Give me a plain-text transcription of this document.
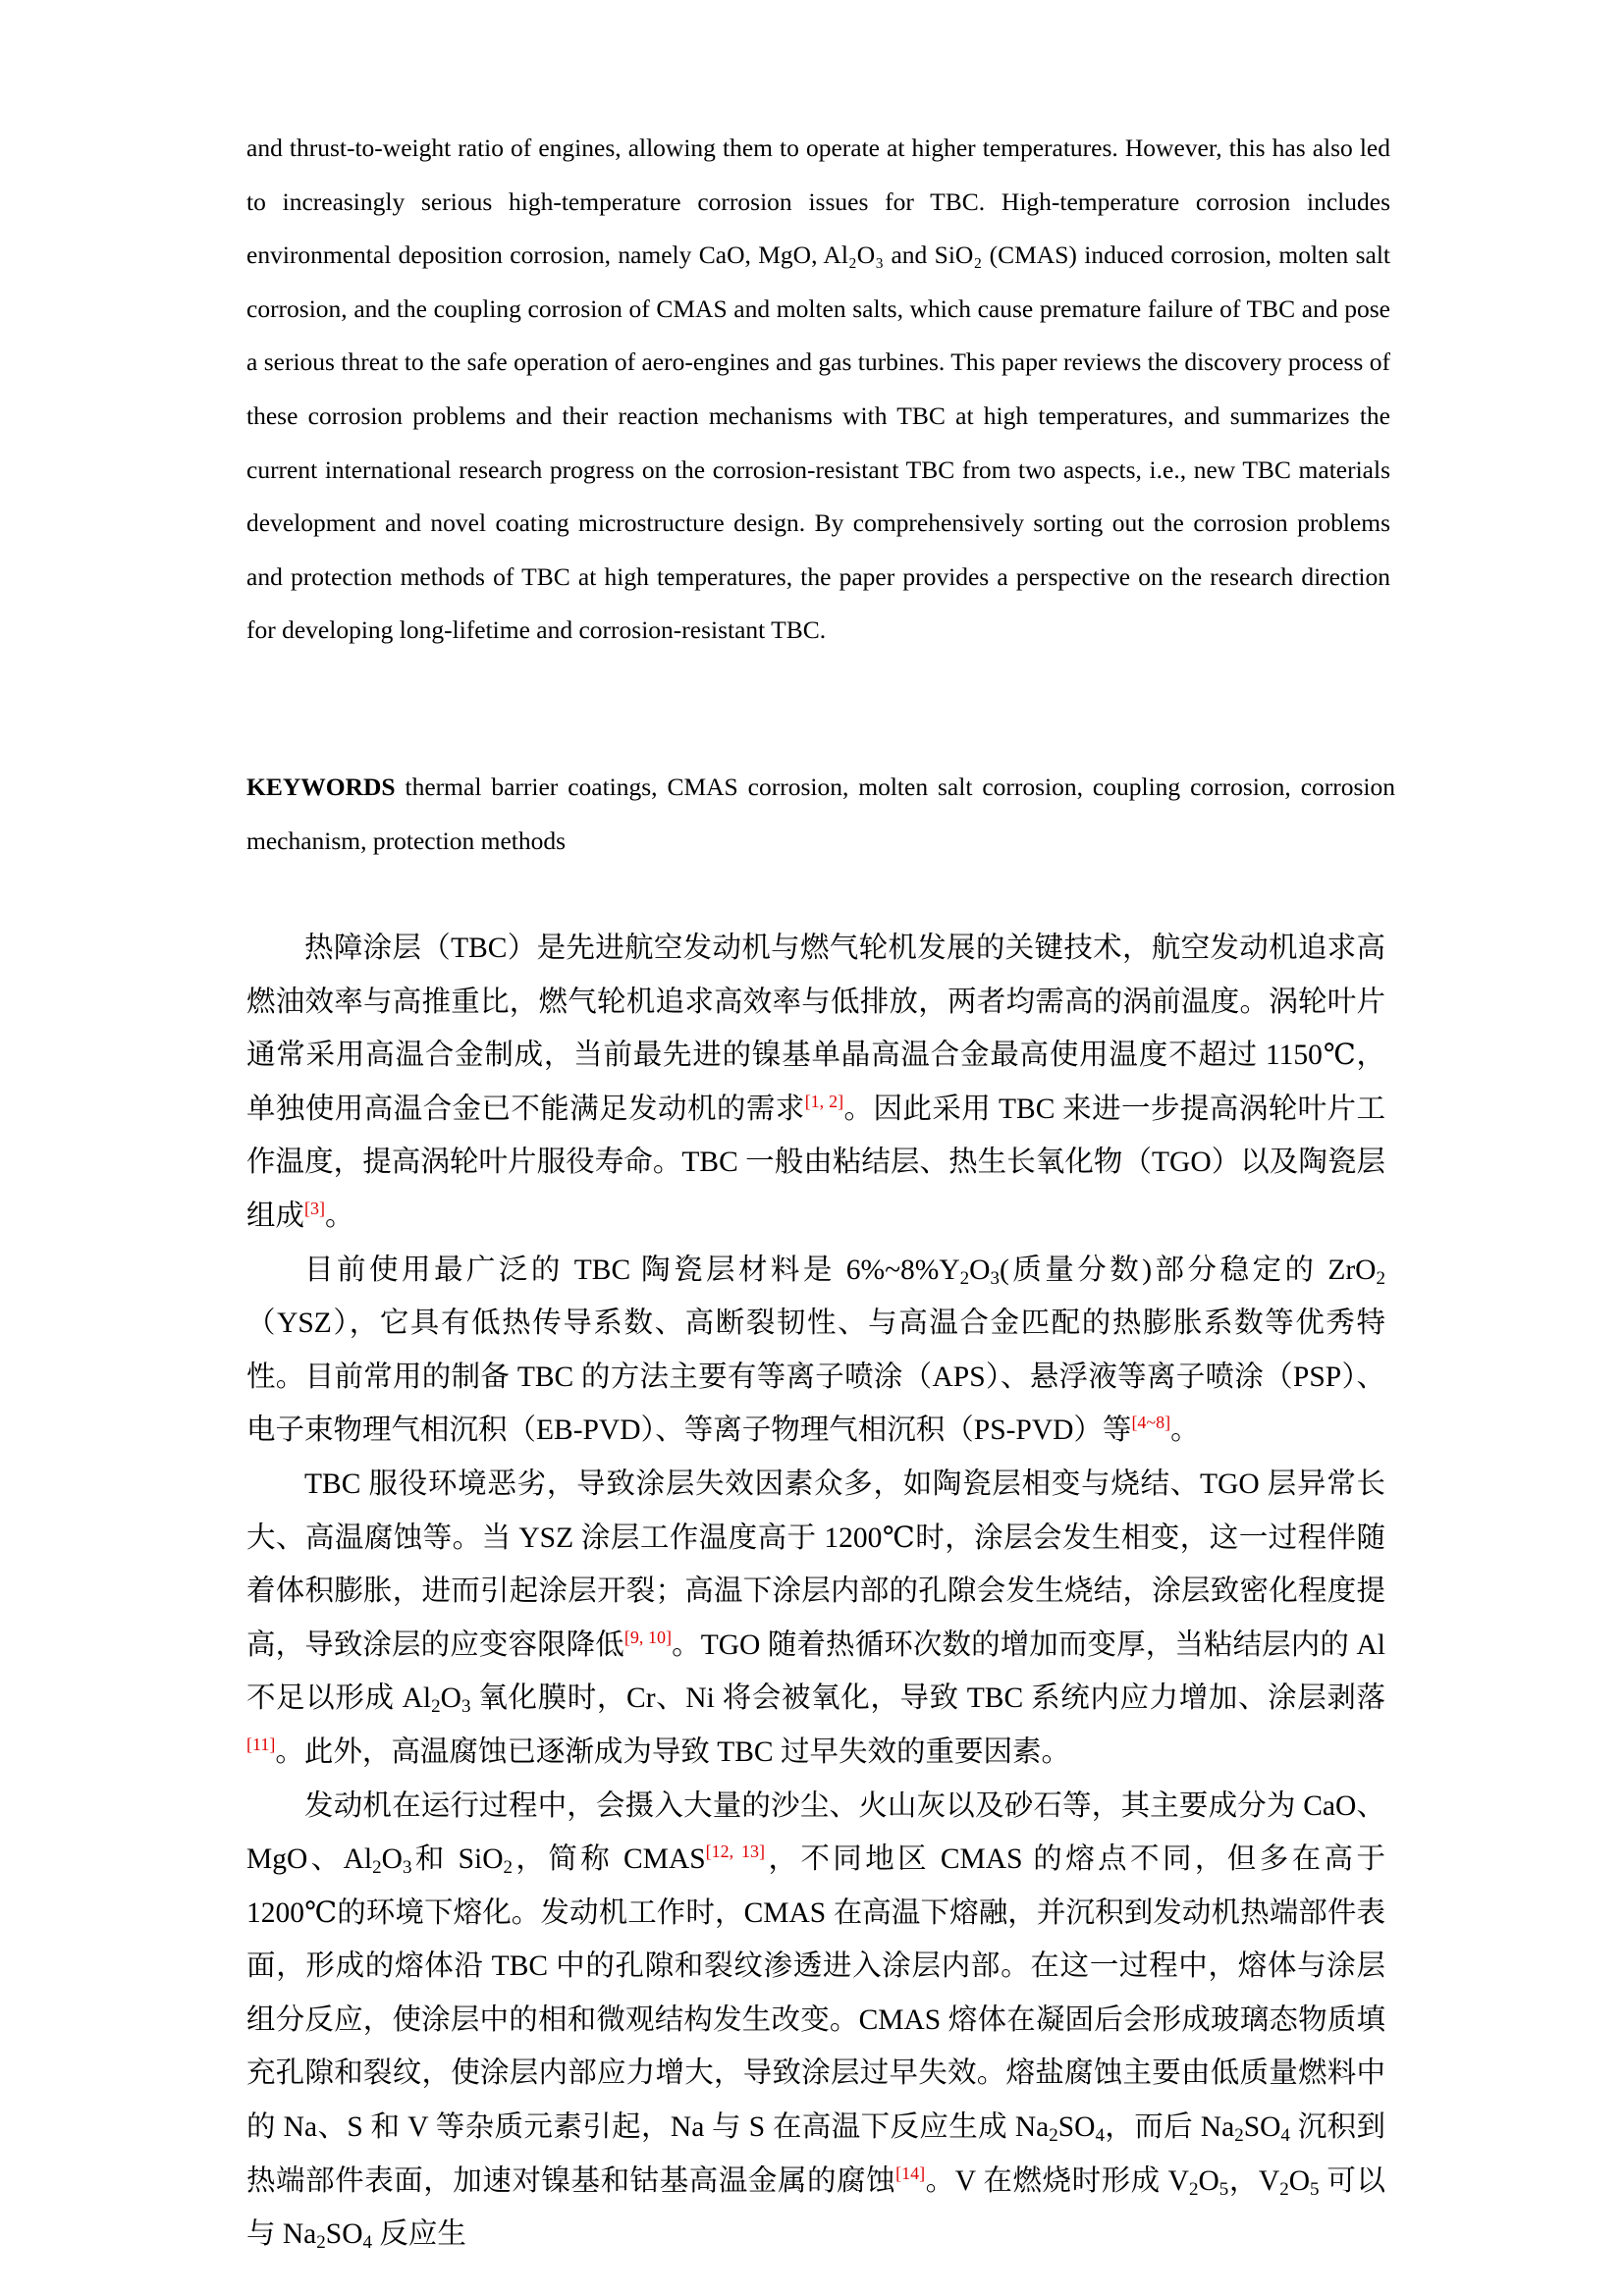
and thrust-to-weight ratio of engines, allowing them to operate at higher temperatures. However, this has also led to increasingly serious high-temperature corrosion issues for TBC. High-temperature corrosion includes environmental deposition corrosion, namely CaO, MgO, Al₂O₃ and SiO₂ (CMAS) induced corrosion, molten salt corrosion, and the coupling corrosion of CMAS and molten salts, which cause premature failure of TBC and pose a serious threat to the safe operation of aero-engines and gas turbines. This paper reviews the discovery process of these corrosion problems and their reaction mechanisms with TBC at high temperatures, and summarizes the current international research progress on the corrosion-resistant TBC from two aspects, i.e., new TBC materials development and novel coating microstructure design. By comprehensively sorting out the corrosion problems and protection methods of TBC at high temperatures, the paper provides a perspective on the research direction for developing long-lifetime and corrosion-resistant TBC.

KEYWORDS thermal barrier coatings, CMAS corrosion, molten salt corrosion, coupling corrosion, corrosion mechanism, protection methods

热障涂层（TBC）是先进航空发动机与燃气轮机发展的关键技术，航空发动机追求高燃油效率与高推重比，燃气轮机追求高效率与低排放，两者均需高的涡前温度。涡轮叶片通常采用高温合金制成，当前最先进的镍基单晶高温合金最高使用温度不超过 1150℃，单独使用高温合金已不能满足发动机的需求[1, 2]。因此采用 TBC 来进一步提高涡轮叶片工作温度，提高涡轮叶片服役寿命。TBC 一般由粘结层、热生长氧化物（TGO）以及陶瓷层组成[3]。

目前使用最广泛的 TBC 陶瓷层材料是 $6\%\sim 8\%Y_2O_3$(质量分数)部分稳定的 ZrO$_2$（YSZ），它具有低热传导系数、高断裂韧性、与高温合金匹配的热膨胀系数等优秀特性。目前常用的制备 TBC 的方法主要有等离子喷涂（APS）、悬浮液等离子喷涂（PSP）、电子束物理气相沉积（EB-PVD）、等离子物理气相沉积（PS-PVD）等[4~8]。

TBC 服役环境恶劣，导致涂层失效因素众多，如陶瓷层相变与烧结、TGO 层异常长大、高温腐蚀等。当 YSZ 涂层工作温度高于 1200℃时，涂层会发生相变，这一过程伴随着体积膨胀，进而引起涂层开裂；高温下涂层内部的孔隙会发生烧结，涂层致密化程度提高，导致涂层的应变容限降低[9, 10]。TGO 随着热循环次数的增加而变厚，当粘结层内的 Al 不足以形成 $Al_2O_3$ 氧化膜时，Cr、Ni 将会被氧化，导致 TBC 系统内应力增加、涂层剥落[11]。此外，高温腐蚀已逐渐成为导致 TBC 过早失效的重要因素。

发动机在运行过程中，会摄入大量的沙尘、火山灰以及砂石等，其主要成分为 CaO、MgO、$Al_2O_3$和 SiO$_2$，简称 CMAS[12, 13]，不同地区 CMAS 的熔点不同，但多在高于 1200℃的环境下熔化。发动机工作时，CMAS 在高温下熔融，并沉积到发动机热端部件表面，形成的熔体沿 TBC 中的孔隙和裂纹渗透进入涂层内部。在这一过程中，熔体与涂层组分反应，使涂层中的相和微观结构发生改变。CMAS 熔体在凝固后会形成玻璃态物质填充孔隙和裂纹，使涂层内部应力增大，导致涂层过早失效。熔盐腐蚀主要由低质量燃料中的 Na、S 和 V 等杂质元素引起，Na 与 S 在高温下反应生成 $Na_2SO_4$，而后 $Na_2SO_4$ 沉积到热端部件表面，加速对镍基和钴基高温金属的腐蚀[14]。V 在燃烧时形成 $V_2O_5$，$V_2O_5$ 可以与 $Na_2SO_4$ 反应生
